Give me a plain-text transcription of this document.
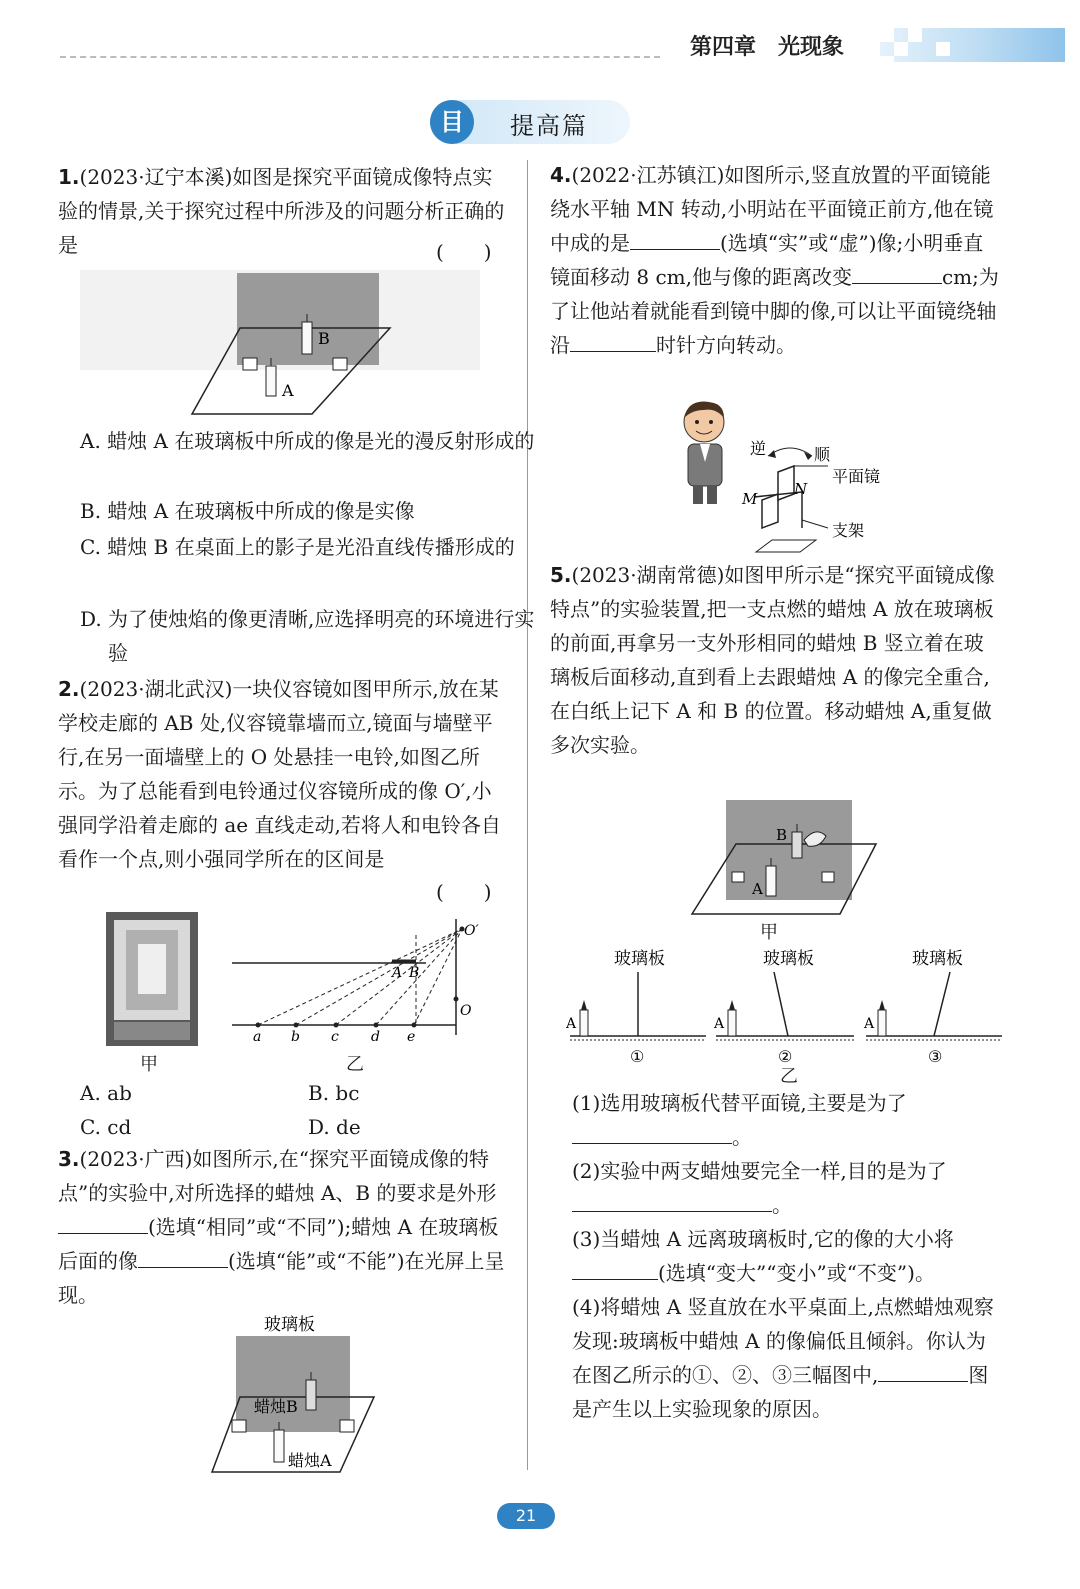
第四章　光现象
目	提高篇
1.(2023·辽宁本溪)如图是探究平面镜成像特点实验的情景,关于探究过程中所涉及的问题分析正确的是	(　　)
B
A
A. 蜡烛 A 在玻璃板中所成的像是光的漫反射形成的
B. 蜡烛 A 在玻璃板中所成的像是实像
C. 蜡烛 B 在桌面上的影子是光沿直线传播形成的
D. 为了使烛焰的像更清晰,应选择明亮的环境进行实验
2.(2023·湖北武汉)一块仪容镜如图甲所示,放在某学校走廊的 AB 处,仪容镜靠墙而立,镜面与墙壁平行,在另一面墙壁上的 O 处悬挂一电铃,如图乙所示。为了总能看到电铃通过仪容镜所成的像 O′,小强同学沿着走廊的 ae 直线走动,若将人和电铃各自看作一个点,则小强同学所在的区间是
(　　)
甲
a b c d e
A B
O
O′
乙
A. ab	B. bc
C. cd	D. de
3.(2023·广西)如图所示,在“探究平面镜成像的特点”的实验中,对所选择的蜡烛 A、B 的要求是外形(选填“相同”或“不同”);蜡烛 A 在玻璃板后面的像	(选填“能”或“不能”)在光屏上呈现。
玻璃板
蜡烛B
蜡烛A
4.(2022·江苏镇江)如图所示,竖直放置的平面镜能绕水平轴 MN 转动,小明站在平面镜正前方,他在镜中成的是	(选填“实”或“虚”)像;小明垂直镜面移动 8 cm,他与像的距离改变	cm;为了让他站着就能看到镜中脚的像,可以让平面镜绕轴沿	时针方向转动。
逆	顺
平面镜
支架
M
N
5.(2023·湖南常德)如图甲所示是“探究平面镜成像特点”的实验装置,把一支点燃的蜡烛 A 放在玻璃板的前面,再拿另一支外形相同的蜡烛 B 竖立着在玻璃板后面移动,直到看上去跟蜡烛 A 的像完全重合,在白纸上记下 A 和 B 的位置。移动蜡烛 A,重复做多次实验。
B
A
甲
玻璃板
A
①
玻璃板
A
②
玻璃板
A
③
乙
(1)选用玻璃板代替平面镜,主要是为了
。
(2)实验中两支蜡烛要完全一样,目的是为了。
(3)当蜡烛 A 远离玻璃板时,它的像的大小将(选填“变大”“变小”或“不变”)。
(4)将蜡烛 A 竖直放在水平桌面上,点燃蜡烛观察发现:玻璃板中蜡烛 A 的像偏低且倾斜。你认为在图乙所示的①、②、③三幅图中,	图是产生以上实验现象的原因。
21
